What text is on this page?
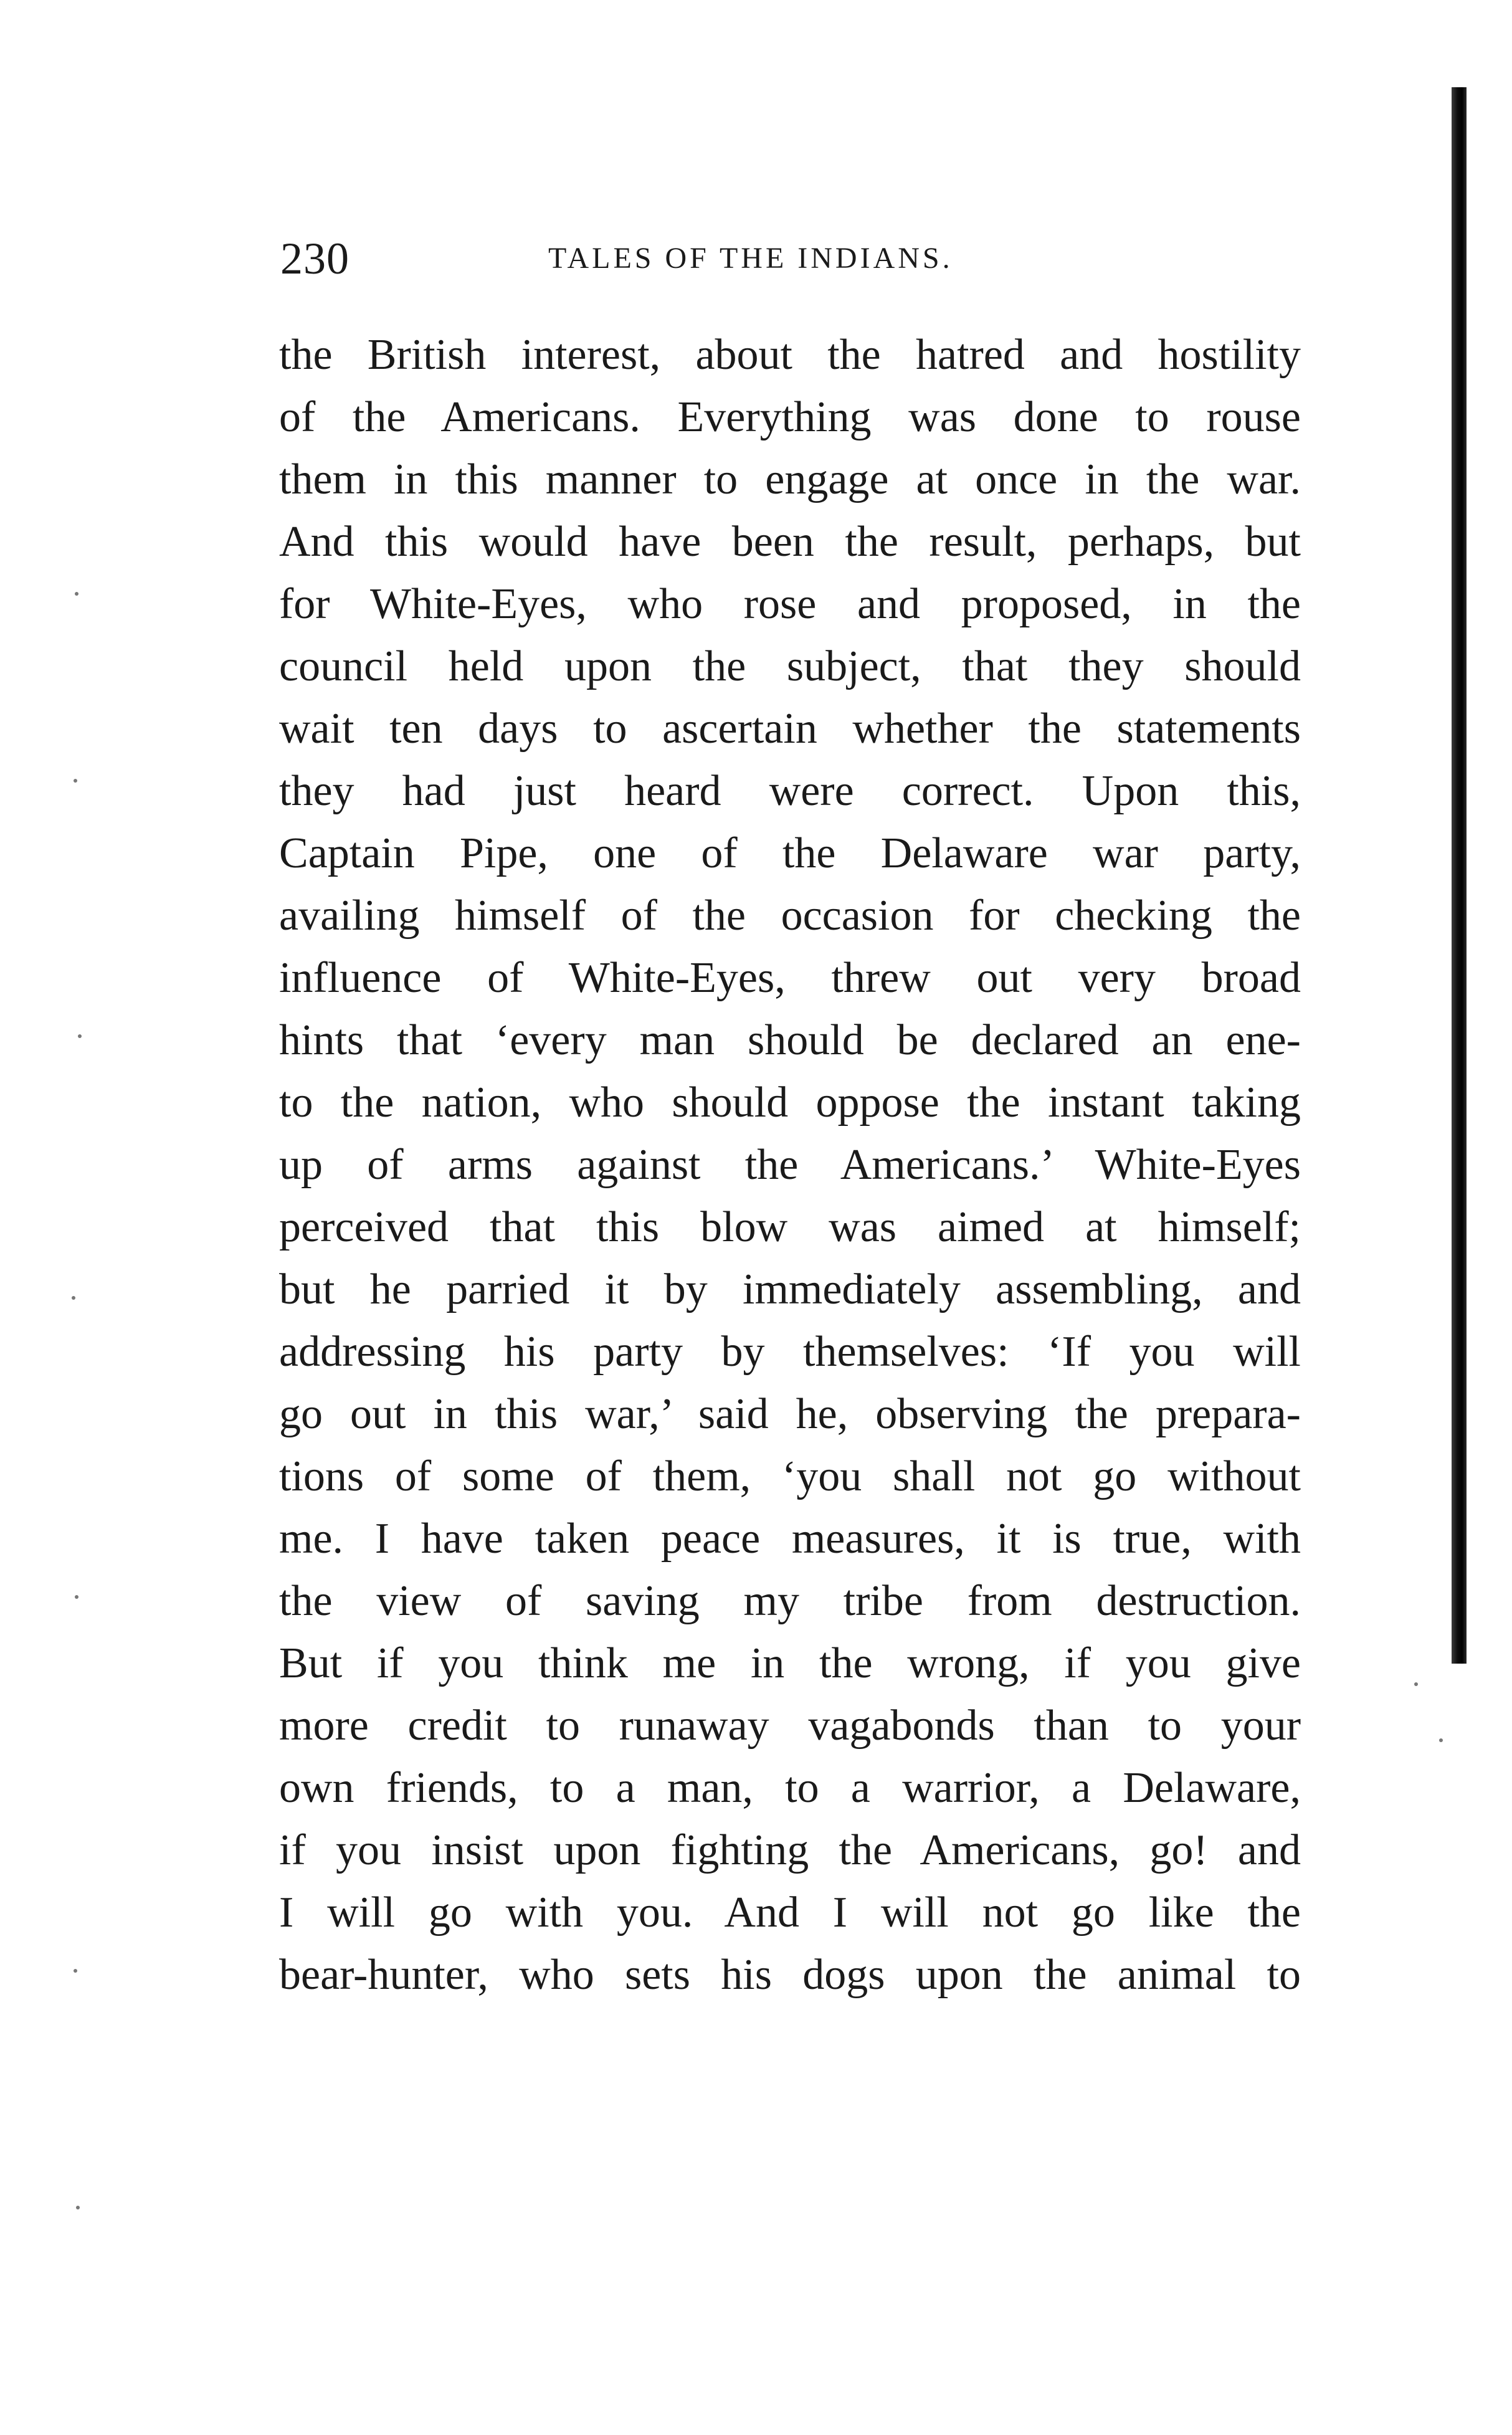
230	TALES OF THE INDIANS.
the British interest, about the hatred and hostility
of the Americans. Everything was done to rouse
them in this manner to engage at once in the war.
And this would have been the result, perhaps, but
for White-Eyes, who rose and proposed, in the
council held upon the subject, that they should
wait ten days to ascertain whether the statements
they had just heard were correct. Upon this,
Captain Pipe, one of the Delaware war party,
availing himself of the occasion for checking the
influence of White-Eyes, threw out very broad
hints that ‘every man should be declared an ene-
to the nation, who should oppose the instant taking
up of arms against the Americans.’ White-Eyes
perceived that this blow was aimed at himself;
but he parried it by immediately assembling, and
addressing his party by themselves: ‘If you will
go out in this war,’ said he, observing the prepara-
tions of some of them, ‘you shall not go without
me. I have taken peace measures, it is true, with
the view of saving my tribe from destruction.
But if you think me in the wrong, if you give
more credit to runaway vagabonds than to your
own friends, to a man, to a warrior, a Delaware,
if you insist upon fighting the Americans, go! and
I will go with you. And I will not go like the
bear-hunter, who sets his dogs upon the animal to
